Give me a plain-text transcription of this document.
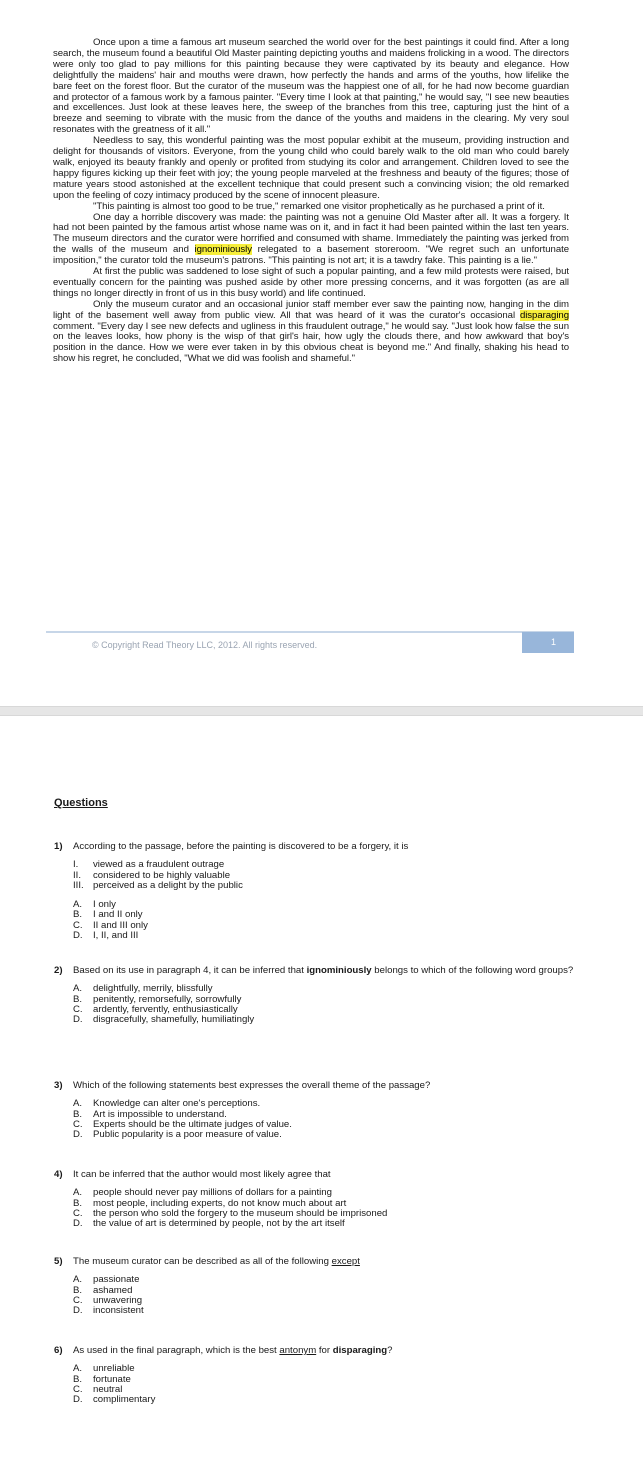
Once upon a time a famous art museum searched the world over for the best paintings it could find. After a long search, the museum found a beautiful Old Master painting depicting youths and maidens frolicking in a wood. The directors were only too glad to pay millions for this painting because they were captivated by its beauty and elegance. How delightfully the maidens' hair and mouths were drawn, how perfectly the hands and arms of the youths, how lifelike the bare feet on the forest floor. But the curator of the museum was the happiest one of all, for he had now become guardian and protector of a famous work by a famous painter. "Every time I look at that painting," he would say, "I see new beauties and excellences. Just look at these leaves here, the sweep of the branches from this tree, capturing just the hint of a breeze and seeming to vibrate with the music from the dance of the youths and maidens in the clearing. My very soul resonates with the greatness of it all."

Needless to say, this wonderful painting was the most popular exhibit at the museum, providing instruction and delight for thousands of visitors. Everyone, from the young child who could barely walk to the old man who could barely walk, enjoyed its beauty frankly and openly or profited from studying its color and arrangement. Children loved to see the happy figures kicking up their feet with joy; the young people marveled at the freshness and beauty of the figures; those of mature years stood astonished at the excellent technique that could present such a convincing vision; the old remarked upon the feeling of cozy intimacy produced by the scene of innocent pleasure.

"This painting is almost too good to be true," remarked one visitor prophetically as he purchased a print of it.

One day a horrible discovery was made: the painting was not a genuine Old Master after all. It was a forgery. It had not been painted by the famous artist whose name was on it, and in fact it had been painted within the last ten years. The museum directors and the curator were horrified and consumed with shame. Immediately the painting was jerked from the walls of the museum and ignominiously relegated to a basement storeroom. "We regret such an unfortunate imposition," the curator told the museum's patrons. "This painting is not art; it is a tawdry fake. This painting is a lie."

At first the public was saddened to lose sight of such a popular painting, and a few mild protests were raised, but eventually concern for the painting was pushed aside by other more pressing concerns, and it was forgotten (as are all things no longer directly in front of us in this busy world) and life continued.

Only the museum curator and an occasional junior staff member ever saw the painting now, hanging in the dim light of the basement well away from public view. All that was heard of it was the curator's occasional disparaging comment. "Every day I see new defects and ugliness in this fraudulent outrage," he would say. "Just look how false the sun on the leaves looks, how phony is the wisp of that girl's hair, how ugly the clouds there, and how awkward that boy's position in the dance. How we were ever taken in by this obvious cheat is beyond me." And finally, shaking his head to show his regret, he concluded, "What we did was foolish and shameful."

© Copyright Read Theory LLC, 2012. All rights reserved.	1
Questions
1)	According to the passage, before the painting is discovered to be a forgery, it is
I.	viewed as a fraudulent outrage
II.	considered to be highly valuable
III. perceived as a delight by the public
A.	I only
B.	I and II only
C.	II and III only
D.	I, II, and III
2)	Based on its use in paragraph 4, it can be inferred that ignominiously belongs to which of the following word groups?
A.	delightfully, merrily, blissfully
B.	penitently, remorsefully, sorrowfully
C.	ardently, fervently, enthusiastically
D.	disgracefully, shamefully, humiliatingly
3)	Which of the following statements best expresses the overall theme of the passage?
A.	Knowledge can alter one's perceptions.
B.	Art is impossible to understand.
C.	Experts should be the ultimate judges of value.
D.	Public popularity is a poor measure of value.
4)	It can be inferred that the author would most likely agree that
A.	people should never pay millions of dollars for a painting
B.	most people, including experts, do not know much about art
C.	the person who sold the forgery to the museum should be imprisoned
D.	the value of art is determined by people, not by the art itself
5)	The museum curator can be described as all of the following except
A.	passionate
B.	ashamed
C.	unwavering
D.	inconsistent
6)	As used in the final paragraph, which is the best antonym for disparaging?
A.	unreliable
B.	fortunate
C.	neutral
D.	complimentary
